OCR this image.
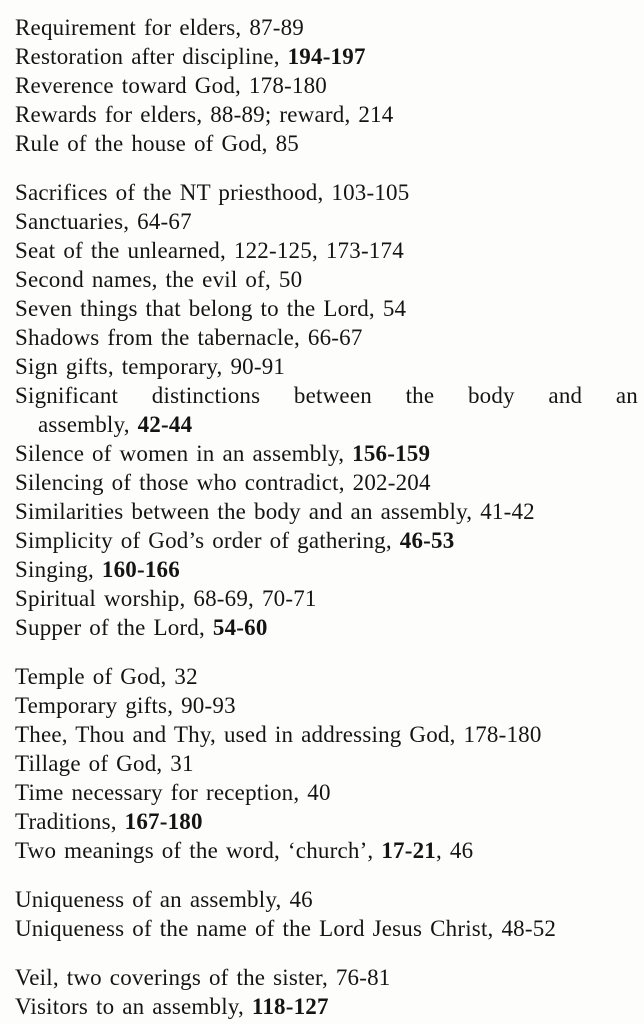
Requirement for elders, 87-89
Restoration after discipline, 194-197
Reverence toward God, 178-180
Rewards for elders, 88-89; reward, 214
Rule of the house of God, 85
Sacrifices of the NT priesthood, 103-105
Sanctuaries, 64-67
Seat of the unlearned, 122-125, 173-174
Second names, the evil of, 50
Seven things that belong to the Lord, 54
Shadows from the tabernacle, 66-67
Sign gifts, temporary, 90-91
Significant distinctions between the body and an
assembly, 42-44
Silence of women in an assembly, 156-159
Silencing of those who contradict, 202-204
Similarities between the body and an assembly, 41-42
Simplicity of God’s order of gathering, 46-53
Singing, 160-166
Spiritual worship, 68-69, 70-71
Supper of the Lord, 54-60
Temple of God, 32
Temporary gifts, 90-93
Thee, Thou and Thy, used in addressing God, 178-180
Tillage of God, 31
Time necessary for reception, 40
Traditions, 167-180
Two meanings of the word, ‘church’, 17-21, 46
Uniqueness of an assembly, 46
Uniqueness of the name of the Lord Jesus Christ, 48-52
Veil, two coverings of the sister, 76-81
Visitors to an assembly, 118-127
